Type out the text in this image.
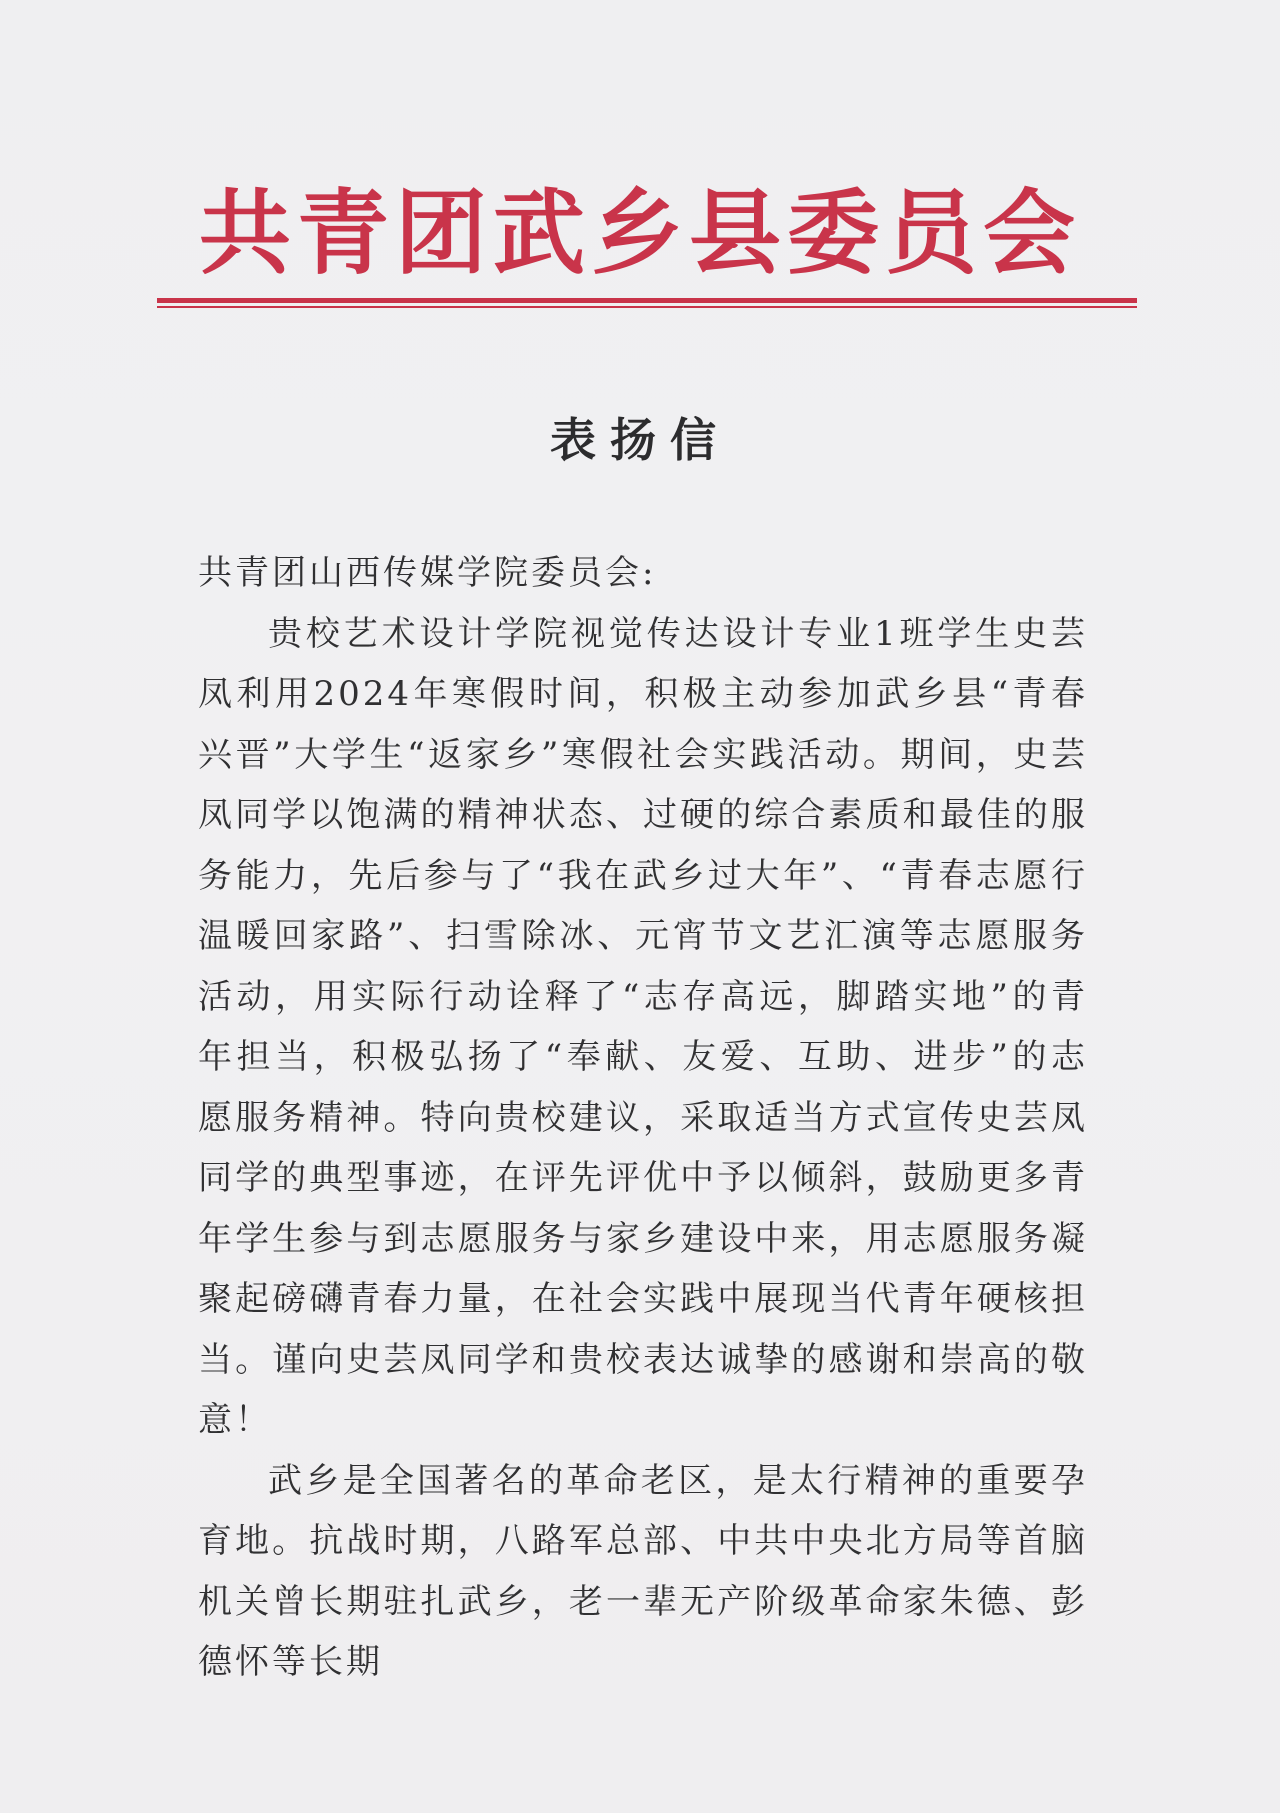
共青团武乡县委员会
表扬信

共青团山西传媒学院委员会:

贵校艺术设计学院视觉传达设计专业1班学生史芸凤利用2024年寒假时间，积极主动参加武乡县“青春兴晋”大学生“返家乡”寒假社会实践活动。期间，史芸凤同学以饱满的精神状态、过硬的综合素质和最佳的服务能力，先后参与了“我在武乡过大年”、“青春志愿行温暖回家路”、扫雪除冰、元宵节文艺汇演等志愿服务活动，用实际行动诠释了“志存高远，脚踏实地”的青年担当，积极弘扬了“奉献、友爱、互助、进步”的志愿服务精神。特向贵校建议，采取适当方式宣传史芸凤同学的典型事迹，在评先评优中予以倾斜，鼓励更多青年学生参与到志愿服务与家乡建设中来，用志愿服务凝聚起磅礴青春力量，在社会实践中展现当代青年硬核担当。谨向史芸凤同学和贵校表达诚挚的感谢和崇高的敬意！

武乡是全国著名的革命老区，是太行精神的重要孕育地。抗战时期，八路军总部、中共中央北方局等首脑机关曾长期驻扎武乡，老一辈无产阶级革命家朱德、彭德怀等长期
